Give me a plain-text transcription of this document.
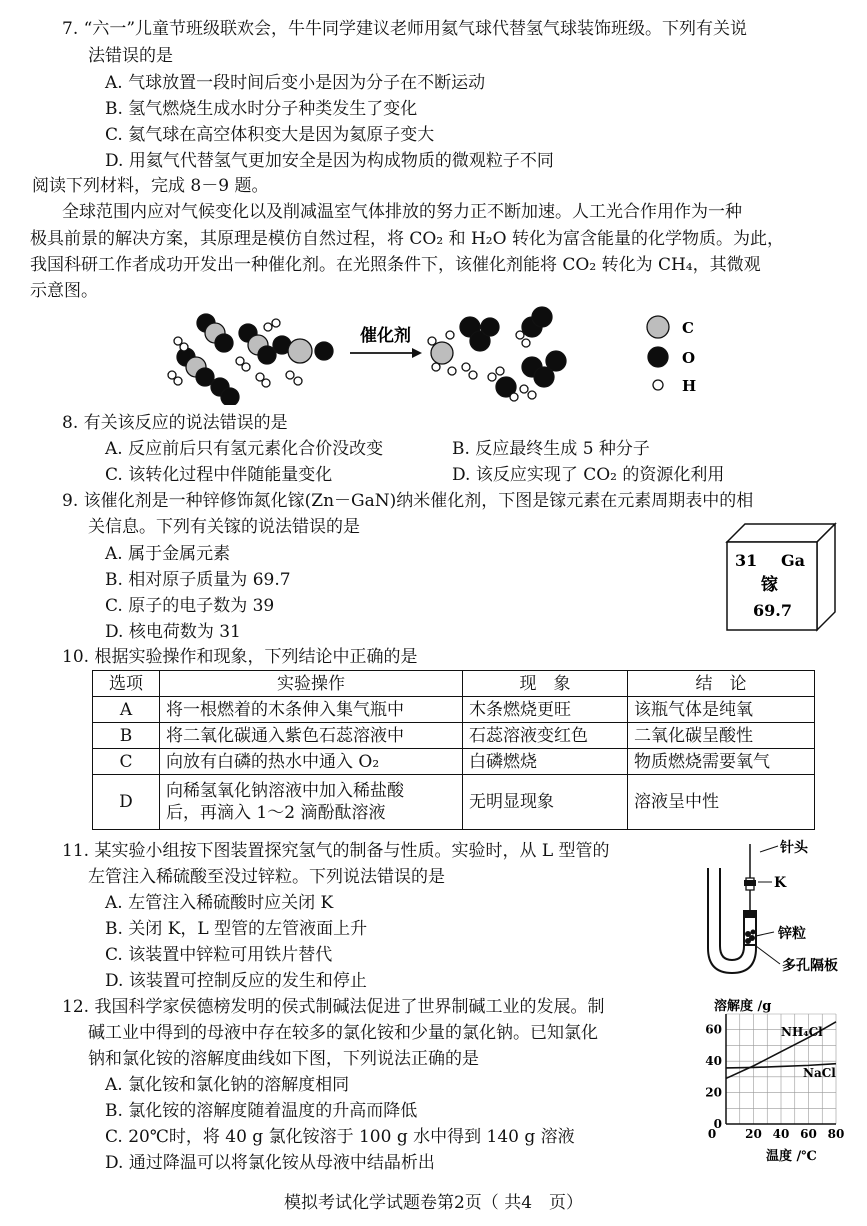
7. “六一”儿童节班级联欢会，牛牛同学建议老师用氦气球代替氢气球装饰班级。下列有关说
法错误的是
A. 气球放置一段时间后变小是因为分子在不断运动
B. 氢气燃烧生成水时分子种类发生了变化
C. 氦气球在高空体积变大是因为氦原子变大
D. 用氦气代替氢气更加安全是因为构成物质的微观粒子不同
阅读下列材料，完成 8－9 题。
全球范围内应对气候变化以及削减温室气体排放的努力正不断加速。人工光合作用作为一种
极具前景的解决方案，其原理是模仿自然过程，将 CO₂ 和 H₂O 转化为富含能量的化学物质。为此，
我国科研工作者成功开发出一种催化剂。在光照条件下，该催化剂能将 CO₂ 转化为 CH₄，其微观
示意图。
催化剂	C
O
H
8. 有关该反应的说法错误的是
A. 反应前后只有氢元素化合价没改变	B. 反应最终生成 5 种分子
C. 该转化过程中伴随能量变化	D. 该反应实现了 CO₂ 的资源化利用
9. 该催化剂是一种锌修饰氮化镓(Zn－GaN)纳米催化剂，下图是镓元素在元素周期表中的相
关信息。下列有关镓的说法错误的是
A. 属于金属元素
B. 相对原子质量为 69.7
C. 原子的电子数为 39
D. 核电荷数为 31
31 Ga
镓
69.7
10. 根据实验操作和现象，下列结论中正确的是
选项	实验操作	现　象	结　论
A	将一根燃着的木条伸入集气瓶中	木条燃烧更旺	该瓶气体是纯氧
B	将二氧化碳通入紫色石蕊溶液中	石蕊溶液变红色	二氧化碳呈酸性
C	向放有白磷的热水中通入 O₂	白磷燃烧	物质燃烧需要氧气
D	向稀氢氧化钠溶液中加入稀盐酸
后，再滴入 1～2 滴酚酞溶液	无明显现象	溶液呈中性
11. 某实验小组按下图装置探究氢气的制备与性质。实验时，从 L 型管的
左管注入稀硫酸至没过锌粒。下列说法错误的是
A. 左管注入稀硫酸时应关闭 K
B. 关闭 K，L 型管的左管液面上升
C. 该装置中锌粒可用铁片替代
D. 该装置可控制反应的发生和停止
针头
K
锌粒
多孔隔板
12. 我国科学家侯德榜发明的侯式制碱法促进了世界制碱工业的发展。制
碱工业中得到的母液中存在较多的氯化铵和少量的氯化钠。已知氯化
钠和氯化铵的溶解度曲线如下图，下列说法正确的是
A. 氯化铵和氯化钠的溶解度相同
B. 氯化铵的溶解度随着温度的升高而降低
C. 20℃时，将 40 g 氯化铵溶于 100 g 水中得到 140 g 溶液
D. 通过降温可以将氯化铵从母液中结晶析出
溶解度 /g
温度 /℃
0 20 40 60 80
20
40
60
0
NH₄Cl
NaCl
模拟考试化学试题卷第2页（ 共4　页）
